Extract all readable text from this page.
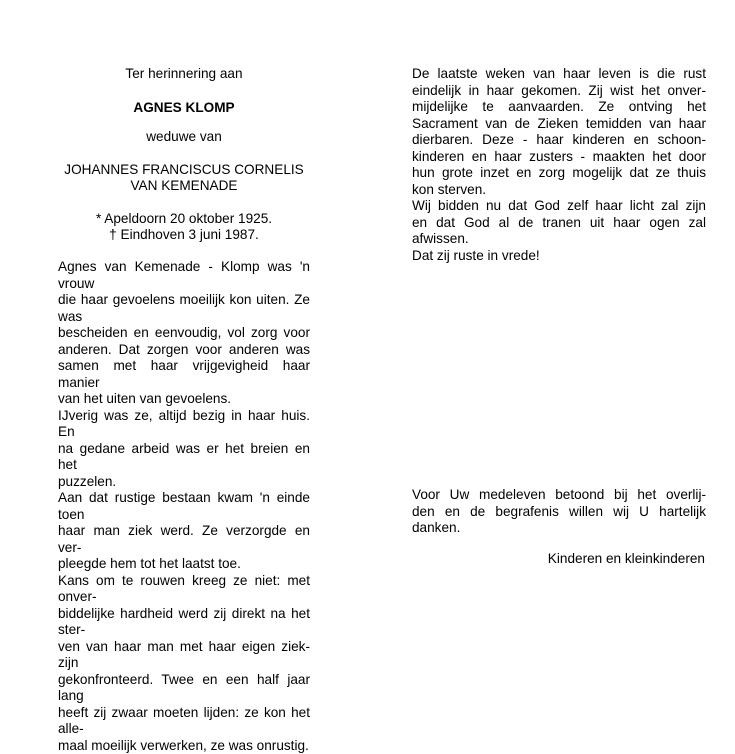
Ter herinnering aan
AGNES KLOMP
weduwe van
JOHANNES FRANCISCUS CORNELIS
VAN KEMENADE
* Apeldoorn 20 oktober 1925.
† Eindhoven 3 juni 1987.
Agnes van Kemenade - Klomp was 'n vrouw
die haar gevoelens moeilijk kon uiten. Ze was
bescheiden en eenvoudig, vol zorg voor
anderen. Dat zorgen voor anderen was
samen met haar vrijgevigheid haar manier
van het uiten van gevoelens.
IJverig was ze, altijd bezig in haar huis. En
na gedane arbeid was er het breien en het
puzzelen.
Aan dat rustige bestaan kwam 'n einde toen
haar man ziek werd. Ze verzorgde en ver-
pleegde hem tot het laatst toe.
Kans om te rouwen kreeg ze niet: met onver-
biddelijke hardheid werd zij direkt na het ster-
ven van haar man met haar eigen ziek-zijn
gekonfronteerd. Twee en een half jaar lang
heeft zij zwaar moeten lijden: ze kon het alle-
maal moeilijk verwerken, ze was onrustig.
De laatste weken van haar leven is die rust
eindelijk in haar gekomen. Zij wist het onver-
mijdelijke te aanvaarden. Ze ontving het
Sacrament van de Zieken temidden van haar
dierbaren. Deze - haar kinderen en schoon-
kinderen en haar zusters - maakten het door
hun grote inzet en zorg mogelijk dat ze thuis
kon sterven.
Wij bidden nu dat God zelf haar licht zal zijn
en dat God al de tranen uit haar ogen zal
afwissen.
Dat zij ruste in vrede!
Voor Uw medeleven betoond bij het overlij-
den en de begrafenis willen wij U hartelijk
danken.
Kinderen en kleinkinderen
